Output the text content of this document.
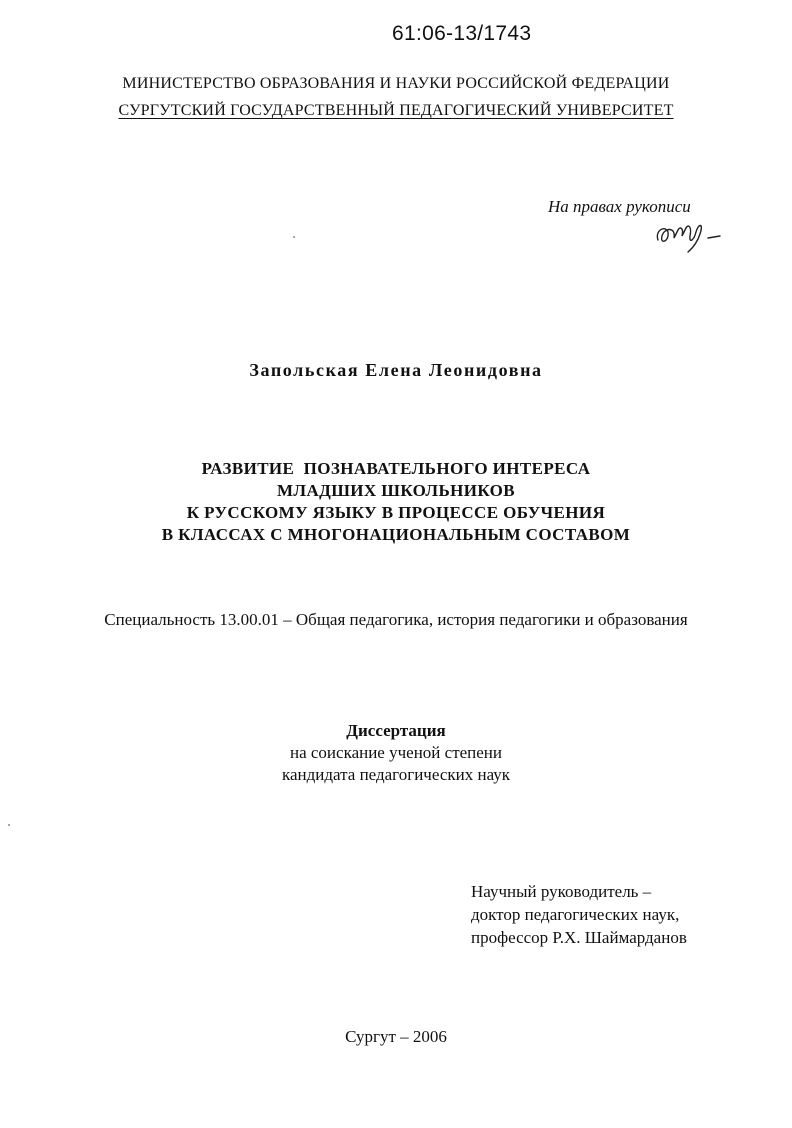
61:06-13/1743
МИНИСТЕРСТВО ОБРАЗОВАНИЯ И НАУКИ РОССИЙСКОЙ ФЕДЕРАЦИИ
СУРГУТСКИЙ ГОСУДАРСТВЕННЫЙ ПЕДАГОГИЧЕСКИЙ УНИВЕРСИТЕТ
На правах рукописи
Запольская Елена Леонидовна
РАЗВИТИЕ  ПОЗНАВАТЕЛЬНОГО ИНТЕРЕСА
МЛАДШИХ ШКОЛЬНИКОВ
К РУССКОМУ ЯЗЫКУ В ПРОЦЕССЕ ОБУЧЕНИЯ
В КЛАССАХ С МНОГОНАЦИОНАЛЬНЫМ СОСТАВОМ
Специальность 13.00.01 – Общая педагогика, история педагогики и образования
Диссертация
на соискание ученой степени
кандидата педагогических наук
Научный руководитель –
доктор педагогических наук,
профессор Р.Х. Шаймарданов
Сургут – 2006
